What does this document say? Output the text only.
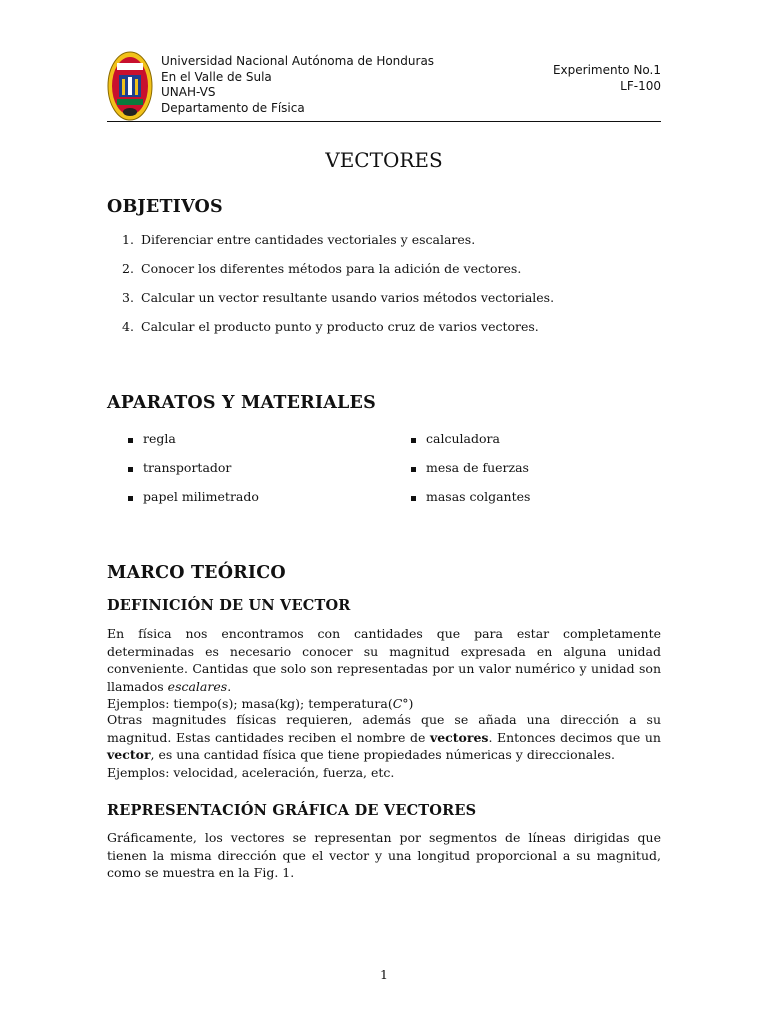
Universidad Nacional Autónoma de Honduras
En el Valle de Sula
UNAH-VS
Departamento de Física
Experimento No.1
LF-100
VECTORES
OBJETIVOS
1. Diferenciar entre cantidades vectoriales y escalares.
2. Conocer los diferentes métodos para la adición de vectores.
3. Calcular un vector resultante usando varios métodos vectoriales.
4. Calcular el producto punto y producto cruz de varios vectores.
APARATOS Y MATERIALES
regla
transportador
papel milimetrado
calculadora
mesa de fuerzas
masas colgantes
MARCO TEÓRICO
DEFINICIÓN DE UN VECTOR

En física nos encontramos con cantidades que para estar completamente determinadas es necesario conocer su magnitud expresada en alguna unidad conveniente. Cantidas que solo son representadas por un valor numérico y unidad son llamados escalares.

Ejemplos: tiempo(s); masa(kg); temperatura(C°)

Otras magnitudes físicas requieren, además que se añada una dirección a su magnitud. Estas cantidades reciben el nombre de vectores. Entonces decimos que un vector, es una cantidad física que tiene propiedades númericas y direccionales.

Ejemplos: velocidad, aceleración, fuerza, etc.

REPRESENTACIÓN GRÁFICA DE VECTORES

Gráficamente, los vectores se representan por segmentos de líneas dirigidas que tienen la misma dirección que el vector y una longitud proporcional a su magnitud, como se muestra en la Fig. 1.

1
